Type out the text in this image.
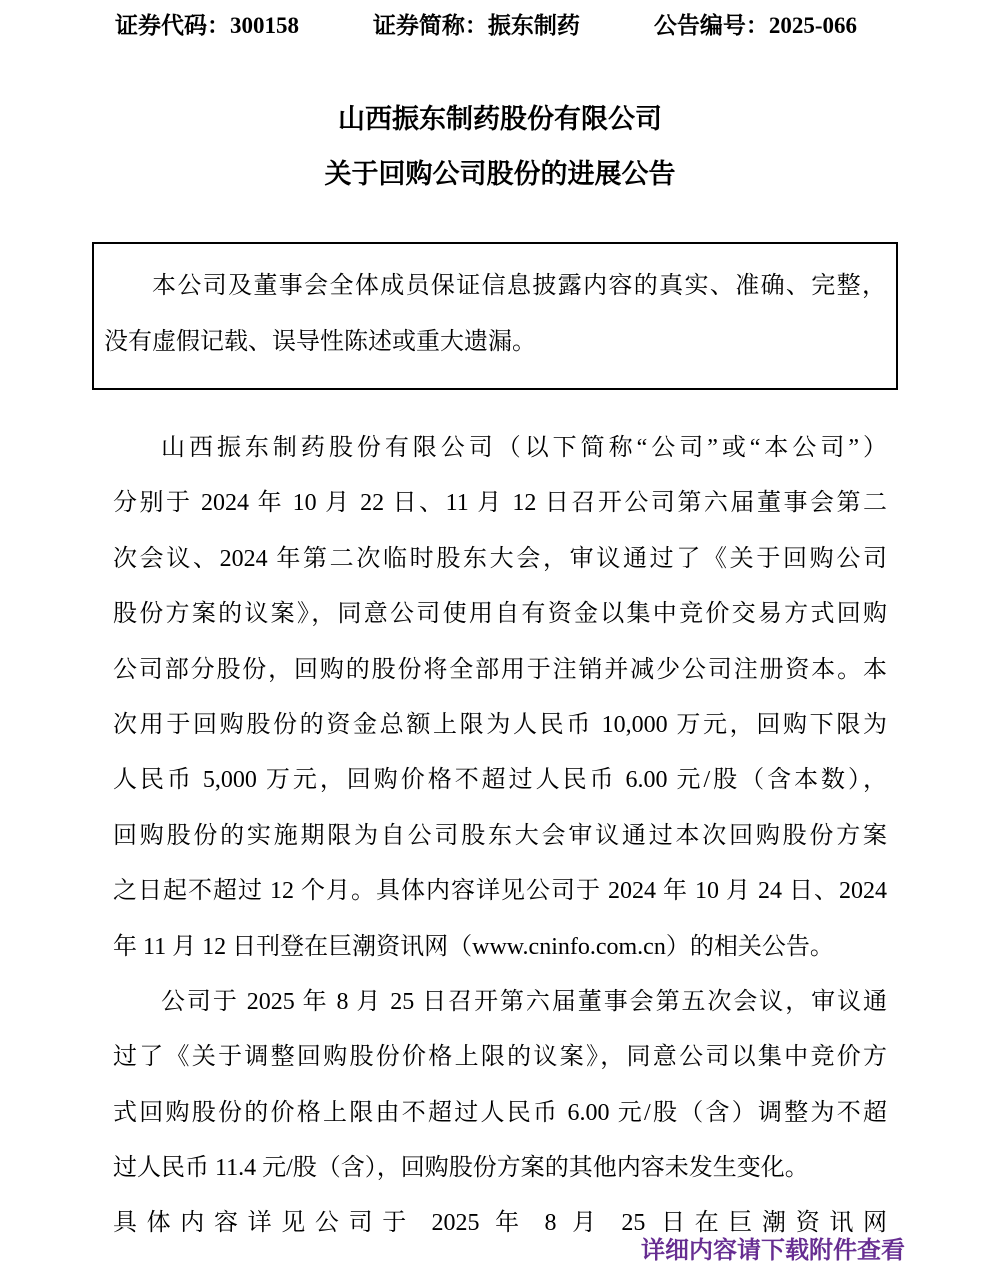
证券代码：300158	证券简称：振东制药	公告编号：2025-066
山西振东制药股份有限公司
关于回购公司股份的进展公告
本公司及董事会全体成员保证信息披露内容的真实、准确、完整，
没有虚假记载、误导性陈述或重大遗漏。
山西振东制药股份有限公司（以下简称“公司”或“本公司”）
分别于 2024 年 10 月 22 日、11 月 12 日召开公司第六届董事会第二
次会议、2024 年第二次临时股东大会，审议通过了《关于回购公司
股份方案的议案》，同意公司使用自有资金以集中竞价交易方式回购
公司部分股份，回购的股份将全部用于注销并减少公司注册资本。本
次用于回购股份的资金总额上限为人民币 10,000 万元，回购下限为
人民币 5,000 万元，回购价格不超过人民币 6.00 元/股（含本数），
回购股份的实施期限为自公司股东大会审议通过本次回购股份方案
之日起不超过 12 个月。具体内容详见公司于 2024 年 10 月 24 日、2024
年 11 月 12 日刊登在巨潮资讯网（www.cninfo.com.cn）的相关公告。
公司于 2025 年 8 月 25 日召开第六届董事会第五次会议，审议通
过了《关于调整回购股份价格上限的议案》，同意公司以集中竞价方
式回购股份的价格上限由不超过人民币 6.00 元/股（含）调整为不超
过人民币 11.4 元/股（含），回购股份方案的其他内容未发生变化。
具体内容详见公司于 2025 年 8 月 25 日在巨潮资讯网
详细内容请下载附件查看
